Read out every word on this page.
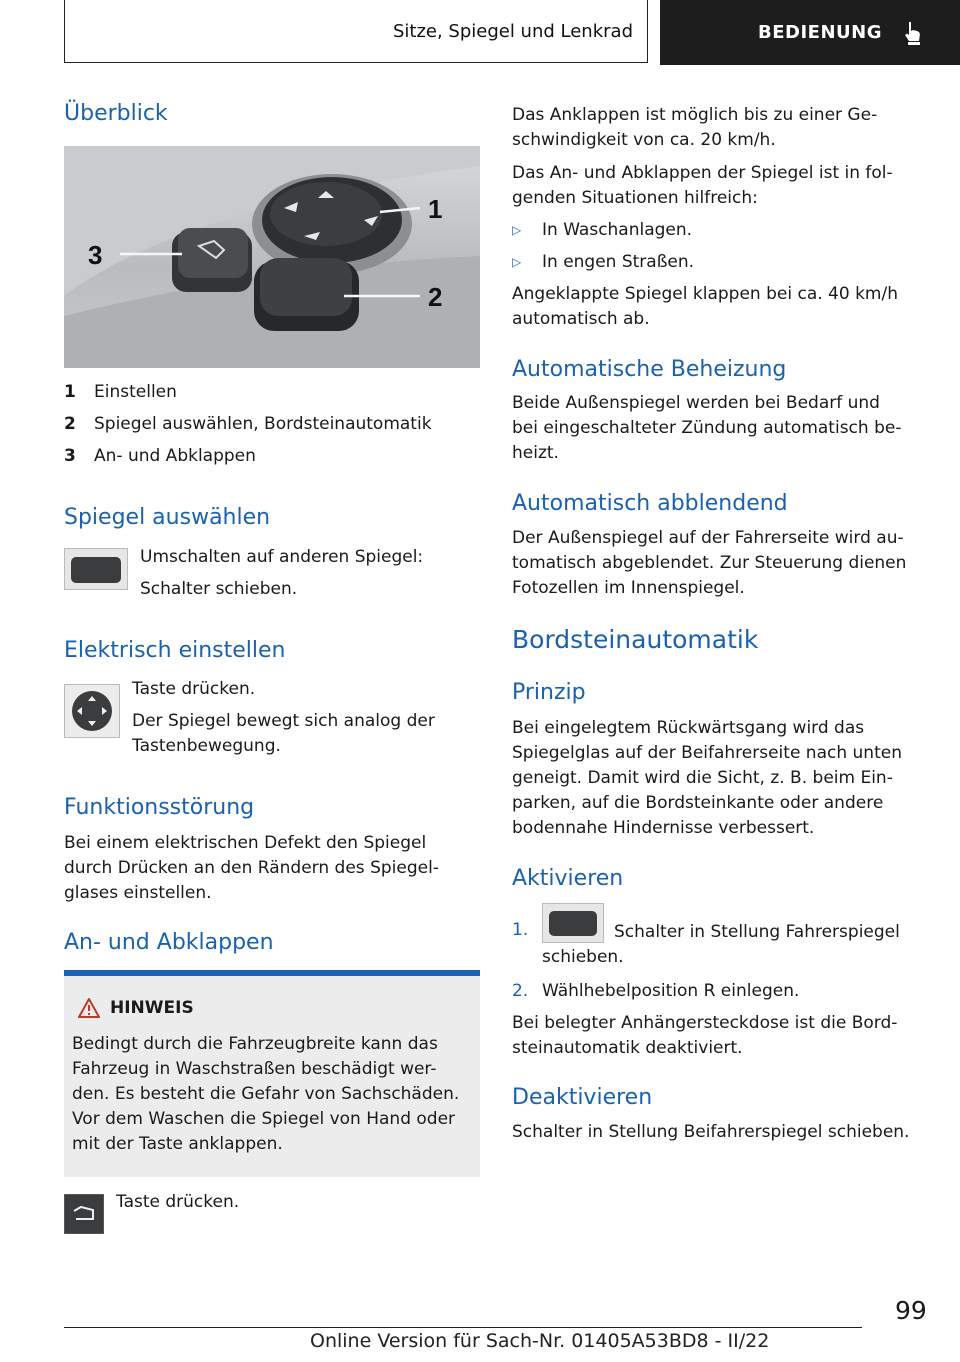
Sitze, Spiegel und Lenkrad	BEDIENUNG
Überblick
1
2
3
1 Einstellen
2 Spiegel auswählen, Bordsteinautomatik
3 An- und Abklappen
Spiegel auswählen

Umschalten auf anderen Spiegel:

Schalter schieben.

Elektrisch einstellen

Taste drücken.

Der Spiegel bewegt sich analog der

Tastenbewegung.

Funktionsstörung

Bei einem elektrischen Defekt den Spiegel

durch Drücken an den Rändern des Spiegel-

glases einstellen.

An- und Abklappen
HINWEIS

Bedingt durch die Fahrzeugbreite kann das

Fahrzeug in Waschstraßen beschädigt wer-

den. Es besteht die Gefahr von Sachschäden.

Vor dem Waschen die Spiegel von Hand oder

mit der Taste anklappen.

Taste drücken.

Das Anklappen ist möglich bis zu einer Ge-

schwindigkeit von ca. 20 km/h.

Das An- und Abklappen der Spiegel ist in fol-

genden Situationen hilfreich:

▷ In Waschanlagen.
▷ In engen Straßen.

Angeklappte Spiegel klappen bei ca. 40 km/h

automatisch ab.

Automatische Beheizung

Beide Außenspiegel werden bei Bedarf und

bei eingeschalteter Zündung automatisch be-

heizt.

Automatisch abblendend

Der Außenspiegel auf der Fahrerseite wird au-

tomatisch abgeblendet. Zur Steuerung dienen

Fotozellen im Innenspiegel.

Bordsteinautomatik
Prinzip

Bei eingelegtem Rückwärtsgang wird das

Spiegelglas auf der Beifahrerseite nach unten

geneigt. Damit wird die Sicht, z. B. beim Ein-

parken, auf die Bordsteinkante oder andere

bodennahe Hindernisse verbessert.

Aktivieren
1.	Schalter in Stellung Fahrerspiegel

schieben.

2. Wählhebelposition R einlegen.

Bei belegter Anhängersteckdose ist die Bord-

steinautomatik deaktiviert.

Deaktivieren

Schalter in Stellung Beifahrerspiegel schieben.

99
Online Version für Sach-Nr. 01405A53BD8 - II/22
